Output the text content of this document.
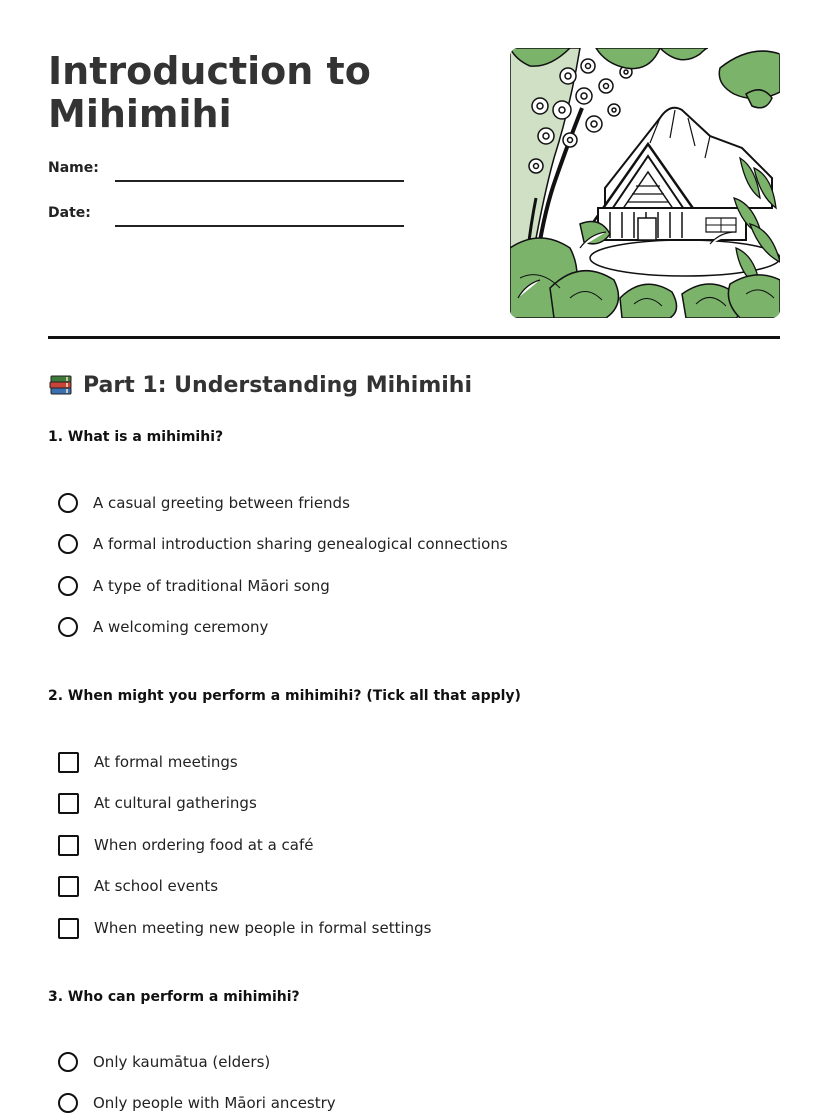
Introduction to Mihimihi
Name:
Date:
Part 1: Understanding Mihimihi

1. What is a mihimihi?

A casual greeting between friends
A formal introduction sharing genealogical connections
A type of traditional Māori song
A welcoming ceremony

2. When might you perform a mihimihi? (Tick all that apply)

At formal meetings
At cultural gatherings
When ordering food at a café
At school events
When meeting new people in formal settings

3. Who can perform a mihimihi?

Only kaumātua (elders)
Only people with Māori ancestry
